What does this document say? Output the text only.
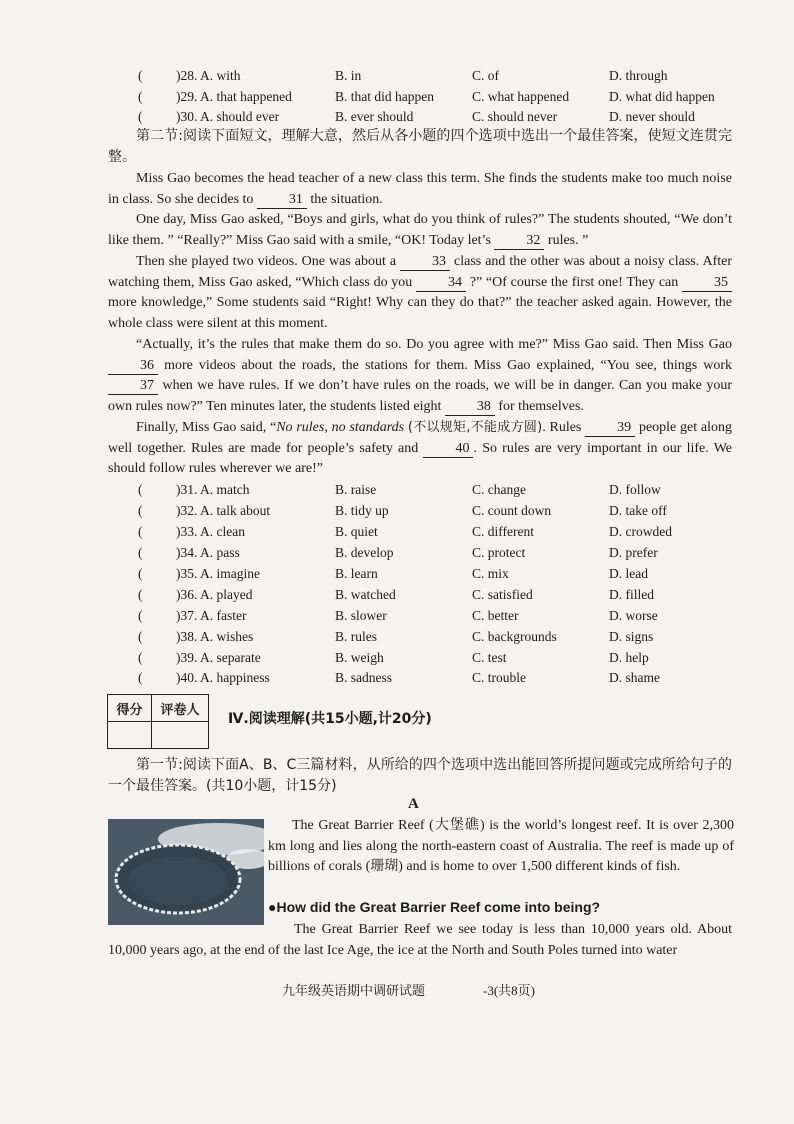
( )28. A. with	B. in	C. of	D. through
( )29. A. that happened	B. that did happen	C. what happened	D. what did happen
( )30. A. should ever	B. ever should	C. should never	D. never should

第二节:阅读下面短文，理解大意，然后从各小题的四个选项中选出一个最佳答案，使短文连贯完整。

Miss Gao becomes the head teacher of a new class this term. She finds the students make too much noise in class. So she decides to	31 the situation.

One day, Miss Gao asked, “Boys and girls, what do you think of rules?” The students shouted, “We don’t like them. ” “Really?” Miss Gao said with a smile, “OK! Today let’s	32 rules. ”

Then she played two videos. One was about a	33 class and the other was about a noisy class. After watching them, Miss Gao asked, “Which class do you	34 ?” “Of course the first one! They can	35 more knowledge,” Some students said “Right! Why can they do that?” the teacher asked again. However, the whole class were silent at this moment.

“Actually, it’s the rules that make them do so. Do you agree with me?” Miss Gao said. Then Miss Gao 36 more videos about the roads, the stations for them. Miss Gao explained, “You see, things work 37 when we have rules. If we don’t have rules on the roads, we will be in danger. Can you make your own rules now?” Ten minutes later, the students listed eight	38 for themselves.

Finally, Miss Gao said, “No rules, no standards (不以规矩,不能成方圆). Rules	39 people get along well together. Rules are made for people’s safety and	40 . So rules are very important in our life. We should follow rules wherever we are!”

( )31. A. match	B. raise	C. change	D. follow
( )32. A. talk about	B. tidy up	C. count down	D. take off
( )33. A. clean	B. quiet	C. different	D. crowded
( )34. A. pass	B. develop	C. protect	D. prefer
( )35. A. imagine	B. learn	C. mix	D. lead
( )36. A. played	B. watched	C. satisfied	D. filled
( )37. A. faster	B. slower	C. better	D. worse
( )38. A. wishes	B. rules	C. backgrounds	D. signs
( )39. A. separate	B. weigh	C. test	D. help
( )40. A. happiness	B. sadness	C. trouble	D. shame
得分	评卷人

Ⅳ.阅读理解(共15小题,计20分)

第一节:阅读下面A、B、C三篇材料，从所给的四个选项中选出能回答所提问题或完成所给句子的一个最佳答案。(共10小题，计15分)

A

The Great Barrier Reef (大堡礁) is the world’s longest reef. It is over 2,300 km long and lies along the north-eastern coast of Australia. The reef is made up of billions of corals (珊瑚) and is home to over 1,500 different kinds of fish.

●How did the Great Barrier Reef come into being?

The Great Barrier Reef we see today is less than 10,000 years old. About 10,000 years ago, at the end of the last Ice Age, the ice at the North and South Poles turned into water

九年级英语期中调研试题	-3(共8页)
